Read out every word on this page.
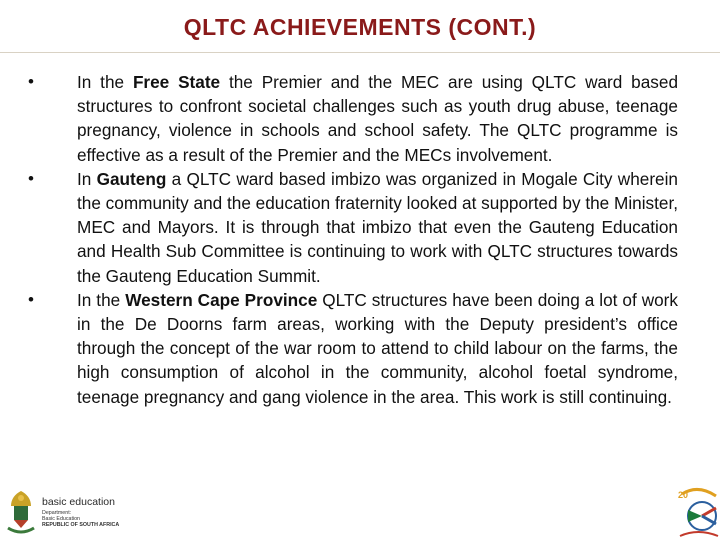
QLTC ACHIEVEMENTS (CONT.)
•	In the Free State the Premier and the MEC are using QLTC ward based structures to confront societal challenges such as youth drug abuse, teenage pregnancy, violence in schools and school safety. The QLTC programme is effective as a result of the Premier and the MECs involvement.
•	In Gauteng a QLTC ward based imbizo was organized in Mogale City wherein the community and the education fraternity looked at supported by the Minister, MEC and Mayors. It is through that imbizo that even the Gauteng Education and Health Sub Committee is continuing to work with QLTC structures towards the Gauteng Education Summit.
•	In the Western Cape Province QLTC structures have been doing a lot of work in the De Doorns farm areas, working with the Deputy president’s office through the concept of the war room to attend to child labour on the farms, the high consumption of alcohol in the community, alcohol foetal syndrome, teenage pregnancy and gang violence in the area. This work is still continuing.
basic education
Department:
Basic Education
REPUBLIC OF SOUTH AFRICA
20
